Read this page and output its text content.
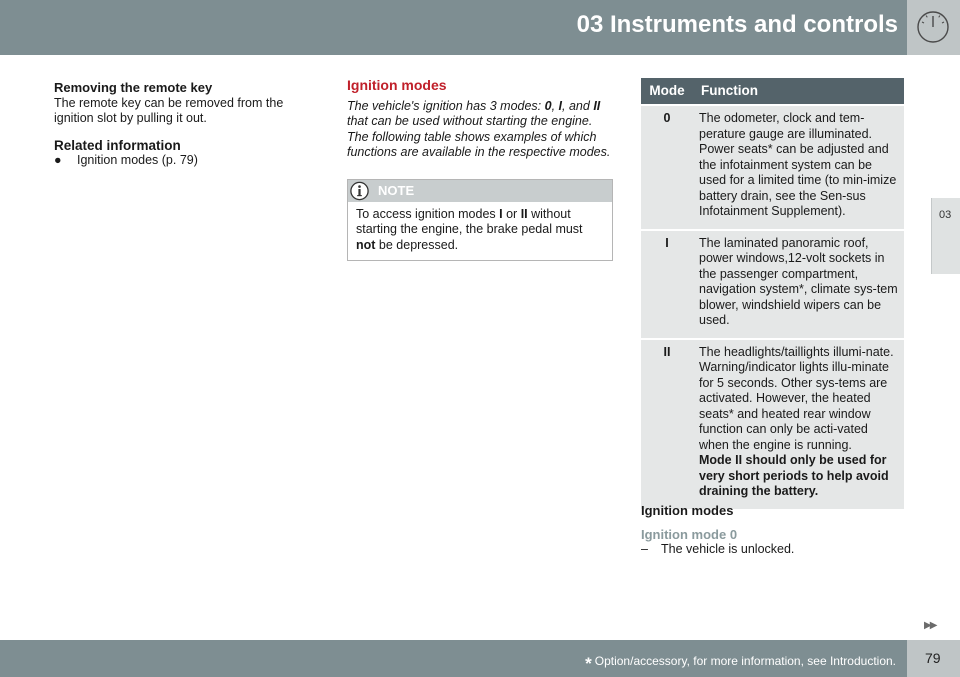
03 Instruments and controls
03
Removing the remote key
The remote key can be removed from the ignition slot by pulling it out.
Related information
●	Ignition modes (p. 79)
Ignition modes
The vehicle's ignition has 3 modes: 0, I, and II that can be used without starting the engine. The following table shows examples of which functions are available in the respective modes.
NOTE
To access ignition modes I or II without starting the engine, the brake pedal must not be depressed.
Mode	Function
0	The odometer, clock and tem-perature gauge are illuminated. Power seats* can be adjusted and the infotainment system can be used for a limited time (to min-imize battery drain, see the Sen-sus Infotainment Supplement).
I	The laminated panoramic roof, power windows,12-volt sockets in the passenger compartment, navigation system*, climate sys-tem blower, windshield wipers can be used.
II	The headlights/taillights illumi-nate. Warning/indicator lights illu-minate for 5 seconds. Other sys-tems are activated. However, the heated seats* and heated rear window function can only be acti-vated when the engine is running.
Mode II should only be used for very short periods to help avoid draining the battery.
Ignition modes
Ignition mode 0
–	The vehicle is unlocked.
▶▶
* Option/accessory, for more information, see Introduction. 79
